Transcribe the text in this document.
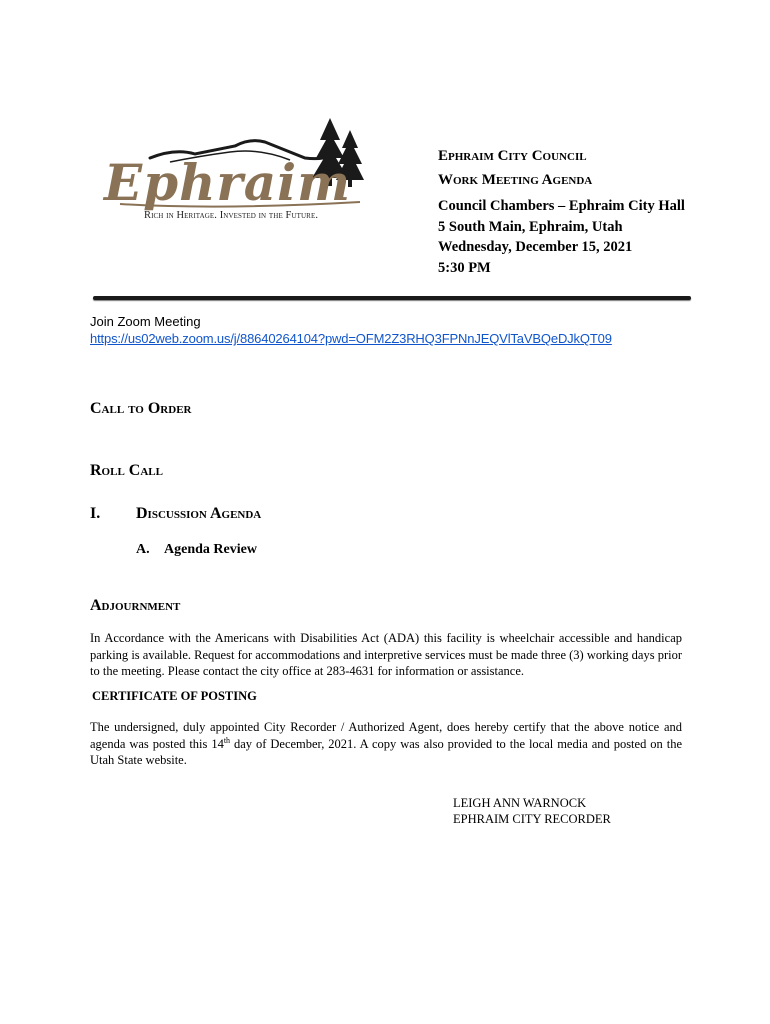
Ephraim
Rich in Heritage. Invested in the Future.
Ephraim City Council
Work Meeting Agenda
Council Chambers – Ephraim City Hall
5 South Main, Ephraim, Utah
Wednesday, December 15, 2021
5:30 PM
Join Zoom Meeting
https://us02web.zoom.us/j/88640264104?pwd=OFM2Z3RHQ3FPNnJEQVlTaVBQeDJkQT09
Call to Order
Roll Call
I. Discussion Agenda
A. Agenda Review
Adjournment
In Accordance with the Americans with Disabilities Act (ADA) this facility is wheelchair accessible and handicap parking is available. Request for accommodations and interpretive services must be made three (3) working days prior to the meeting. Please contact the city office at 283-4631 for information or assistance.
CERTIFICATE OF POSTING
The undersigned, duly appointed City Recorder / Authorized Agent, does hereby certify that the above notice and agenda was posted this 14th day of December, 2021. A copy was also provided to the local media and posted on the Utah State website.
LEIGH ANN WARNOCK
EPHRAIM CITY RECORDER
